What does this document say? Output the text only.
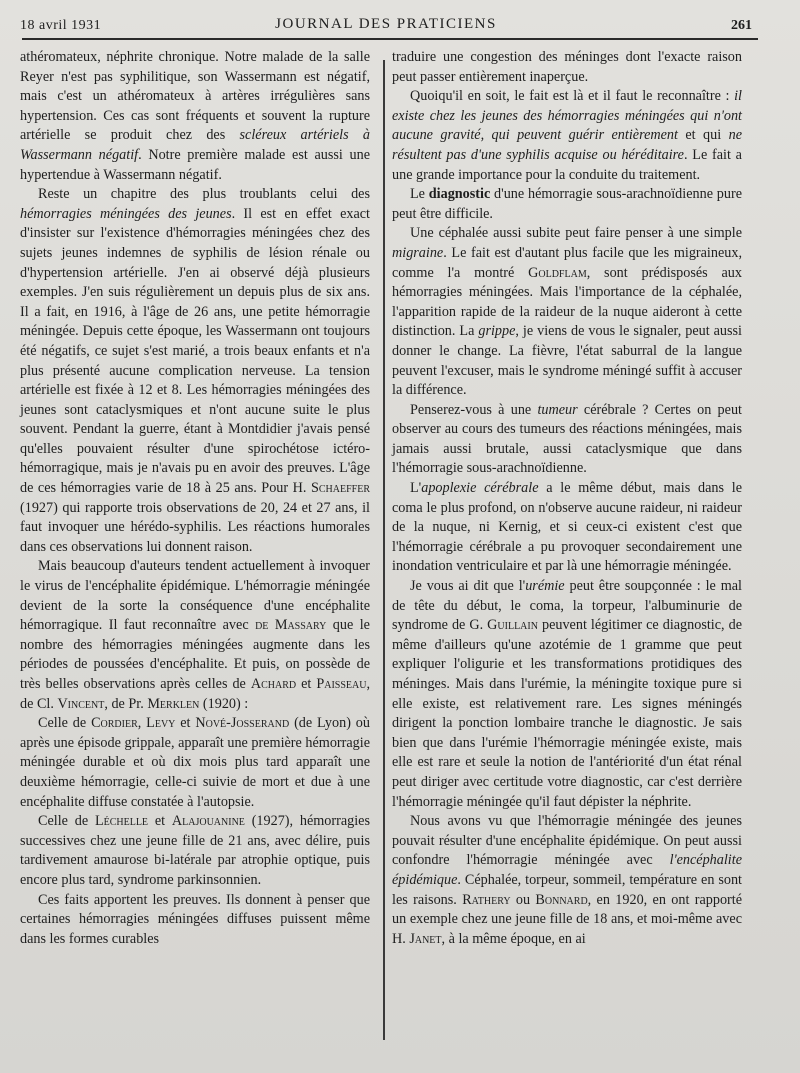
18 avril 1931	JOURNAL DES PRATICIENS	261

athéromateux, néphrite chronique. Notre malade de la salle Reyer n'est pas syphilitique, son Wassermann est négatif, mais c'est un athéromateux à artères irrégulières sans hypertension. Ces cas sont fréquents et souvent la rupture artérielle se produit chez des scléreux artériels à Wassermann négatif. Notre première malade est aussi une hypertendue à Wassermann négatif.

Reste un chapitre des plus troublants celui des hémorragies méningées des jeunes. Il est en effet exact d'insister sur l'existence d'hémorragies méningées chez des sujets jeunes indemnes de syphilis de lésion rénale ou d'hypertension artérielle. J'en ai observé déjà plusieurs exemples. J'en suis régulièrement un depuis plus de six ans. Il a fait, en 1916, à l'âge de 26 ans, une petite hémorragie méningée. Depuis cette époque, les Wassermann ont toujours été négatifs, ce sujet s'est marié, a trois beaux enfants et n'a plus présenté aucune complication nerveuse. La tension artérielle est fixée à 12 et 8. Les hémorragies méningées des jeunes sont cataclysmiques et n'ont aucune suite le plus souvent. Pendant la guerre, étant à Montdidier j'avais pensé qu'elles pouvaient résulter d'une spirochétose ictéro-hémorragique, mais je n'avais pu en avoir des preuves. L'âge de ces hémorragies varie de 18 à 25 ans. Pour H. Schaeffer (1927) qui rapporte trois observations de 20, 24 et 27 ans, il faut invoquer une hérédo-syphilis. Les réactions humorales dans ces observations lui donnent raison.

Mais beaucoup d'auteurs tendent actuellement à invoquer le virus de l'encéphalite épidémique. L'hémorragie méningée devient de la sorte la conséquence d'une encéphalite hémorragique. Il faut reconnaître avec de Massary que le nombre des hémorragies méningées augmente dans les périodes de poussées d'encéphalite. Et puis, on possède de très belles observations après celles de Achard et Paisseau, de Cl. Vincent, de Pr. Merklen (1920) :

Celle de Cordier, Levy et Nové-Josserand (de Lyon) où après une épisode grippale, apparaît une première hémorragie méningée durable et où dix mois plus tard apparaît une deuxième hémorragie, celle-ci suivie de mort et due à une encéphalite diffuse constatée à l'autopsie.

Celle de Léchelle et Alajouanine (1927), hémorragies successives chez une jeune fille de 21 ans, avec délire, puis tardivement amaurose bi-latérale par atrophie optique, puis encore plus tard, syndrome parkinsonnien.

Ces faits apportent les preuves. Ils donnent à penser que certaines hémorragies méningées diffuses puissent même dans les formes curables

traduire une congestion des méninges dont l'exacte raison peut passer entièrement inaperçue.

Quoiqu'il en soit, le fait est là et il faut le reconnaître : il existe chez les jeunes des hémorragies méningées qui n'ont aucune gravité, qui peuvent guérir entièrement et qui ne résultent pas d'une syphilis acquise ou héréditaire. Le fait a une grande importance pour la conduite du traitement.

Le diagnostic d'une hémorragie sous-arachnoïdienne pure peut être difficile.

Une céphalée aussi subite peut faire penser à une simple migraine. Le fait est d'autant plus facile que les migraineux, comme l'a montré Goldflam, sont prédisposés aux hémorragies méningées. Mais l'importance de la céphalée, l'apparition rapide de la raideur de la nuque aideront à cette distinction. La grippe, je viens de vous le signaler, peut aussi donner le change. La fièvre, l'état saburral de la langue peuvent l'excuser, mais le syndrome méningé suffit à accuser la différence.

Penserez-vous à une tumeur cérébrale ? Certes on peut observer au cours des tumeurs des réactions méningées, mais jamais aussi brutale, aussi cataclysmique que dans l'hémorragie sous-arachnoïdienne.

L'apoplexie cérébrale a le même début, mais dans le coma le plus profond, on n'observe aucune raideur, ni raideur de la nuque, ni Kernig, et si ceux-ci existent c'est que l'hémorragie cérébrale a pu provoquer secondairement une inondation ventriculaire et par là une hémorragie méningée.

Je vous ai dit que l'urémie peut être soupçonnée : le mal de tête du début, le coma, la torpeur, l'albuminurie de syndrome de G. Guillain peuvent légitimer ce diagnostic, de même d'ailleurs qu'une azotémie de 1 gramme que peut expliquer l'oligurie et les transformations protidiques des méninges. Mais dans l'urémie, la méningite toxique pure si elle existe, est relativement rare. Les signes méningés dirigent la ponction lombaire tranche le diagnostic. Je sais bien que dans l'urémie l'hémorragie méningée existe, mais elle est rare et seule la notion de l'antériorité d'un état rénal peut diriger avec certitude votre diagnostic, car c'est derrière l'hémorragie méningée qu'il faut dépister la néphrite.

Nous avons vu que l'hémorragie méningée des jeunes pouvait résulter d'une encéphalite épidémique. On peut aussi confondre l'hémorragie méningée avec l'encéphalite épidémique. Céphalée, torpeur, sommeil, température en sont les raisons. Rathery ou Bonnard, en 1920, en ont rapporté un exemple chez une jeune fille de 18 ans, et moi-même avec H. Janet, à la même époque, en ai
